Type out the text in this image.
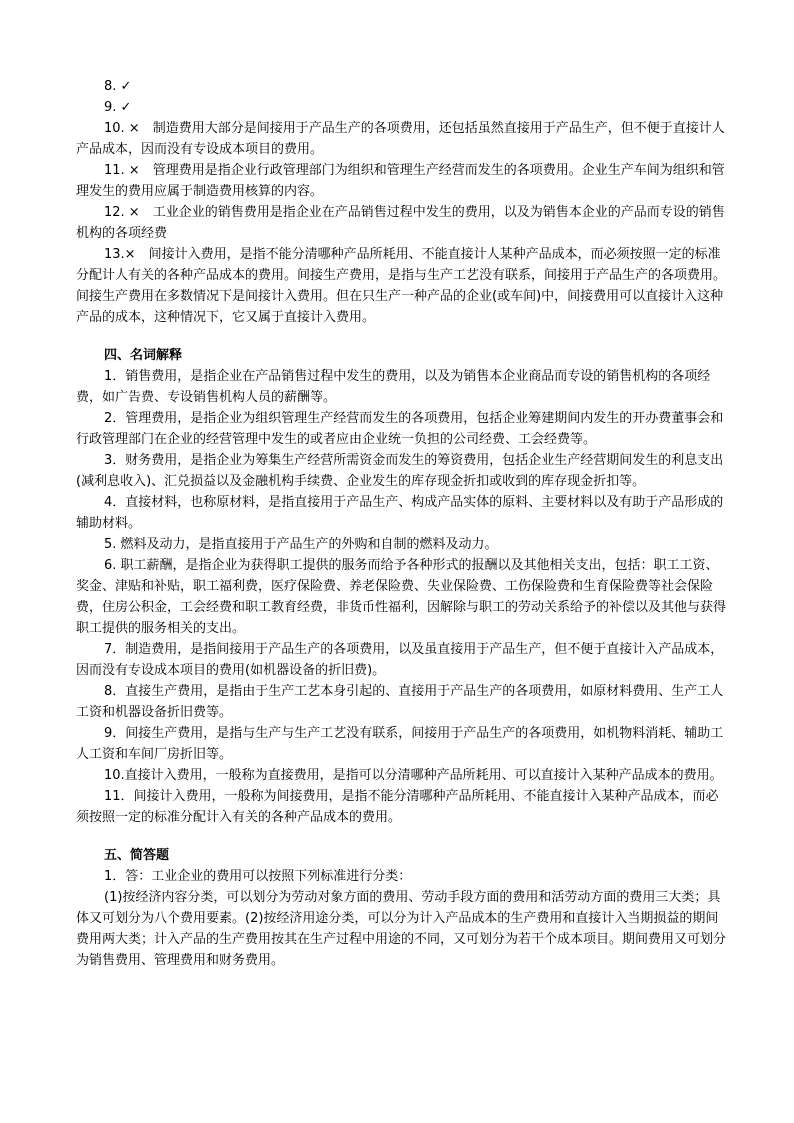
8. ✓

9. ✓

10. ×　制造费用大部分是间接用于产品生产的各项费用，还包括虽然直接用于产品生产，但不便于直接计人产品成本，因而没有专设成本项目的费用。

11. ×　管理费用是指企业行政管理部门为组织和管理生产经营而发生的各项费用。企业生产车间为组织和管理发生的费用应属于制造费用核算的内容。

12. ×　工业企业的销售费用是指企业在产品销售过程中发生的费用，以及为销售本企业的产品而专设的销售机构的各项经费

13.×　间接计入费用，是指不能分清哪种产品所耗用、不能直接计人某种产品成本，而必须按照一定的标准分配计人有关的各种产品成本的费用。间接生产费用，是指与生产工艺没有联系，间接用于产品生产的各项费用。间接生产费用在多数情况下是间接计入费用。但在只生产一种产品的企业(或车间)中，间接费用可以直接计入这种产品的成本，这种情况下，它又属于直接计入费用。

四、名词解释

1．销售费用，是指企业在产品销售过程中发生的费用，以及为销售本企业商品而专设的销售机构的各项经费，如广告费、专设销售机构人员的薪酬等。

2．管理费用，是指企业为组织管理生产经营而发生的各项费用，包括企业筹建期间内发生的开办费董事会和行政管理部门在企业的经营管理中发生的或者应由企业统一负担的公司经费、工会经费等。

3．财务费用，是指企业为筹集生产经营所需资金而发生的筹资费用，包括企业生产经营期间发生的利息支出(减利息收入)、汇兑损益以及金融机构手续费、企业发生的库存现金折扣或收到的库存现金折扣等。

4．直接材料，也称原材料，是指直接用于产品生产、构成产品实体的原料、主要材料以及有助于产品形成的辅助材料。

5. 燃料及动力，是指直接用于产品生产的外购和自制的燃料及动力。

6. 职工薪酬，是指企业为获得职工提供的服务而给予各种形式的报酬以及其他相关支出，包括：职工工资、奖金、津贴和补贴，职工福利费，医疗保险费、养老保险费、失业保险费、工伤保险费和生育保险费等社会保险费，住房公积金，工会经费和职工教育经费，非货币性福利，因解除与职工的劳动关系给予的补偿以及其他与获得职工提供的服务相关的支出。

7．制造费用，是指间接用于产品生产的各项费用，以及虽直接用于产品生产，但不便于直接计入产品成本，因而没有专设成本项目的费用(如机器设备的折旧费)。

8．直接生产费用，是指由于生产工艺本身引起的、直接用于产品生产的各项费用，如原材料费用、生产工人工资和机器设备折旧费等。

9．间接生产费用，是指与生产与生产工艺没有联系，间接用于产品生产的各项费用，如机物料消耗、辅助工人工资和车间厂房折旧等。

10.直接计入费用，一般称为直接费用，是指可以分清哪种产品所耗用、可以直接计入某种产品成本的费用。

11．间接计入费用，一般称为间接费用，是指不能分清哪种产品所耗用、不能直接计入某种产品成本，而必须按照一定的标准分配计入有关的各种产品成本的费用。

五、简答题

1．答：工业企业的费用可以按照下列标准进行分类：

(1)按经济内容分类，可以划分为劳动对象方面的费用、劳动手段方面的费用和活劳动方面的费用三大类；具体又可划分为八个费用要素。(2)按经济用途分类，可以分为计入产品成本的生产费用和直接计入当期损益的期间费用两大类；计入产品的生产费用按其在生产过程中用途的不同，又可划分为若干个成本项目。期间费用又可划分为销售费用、管理费用和财务费用。
